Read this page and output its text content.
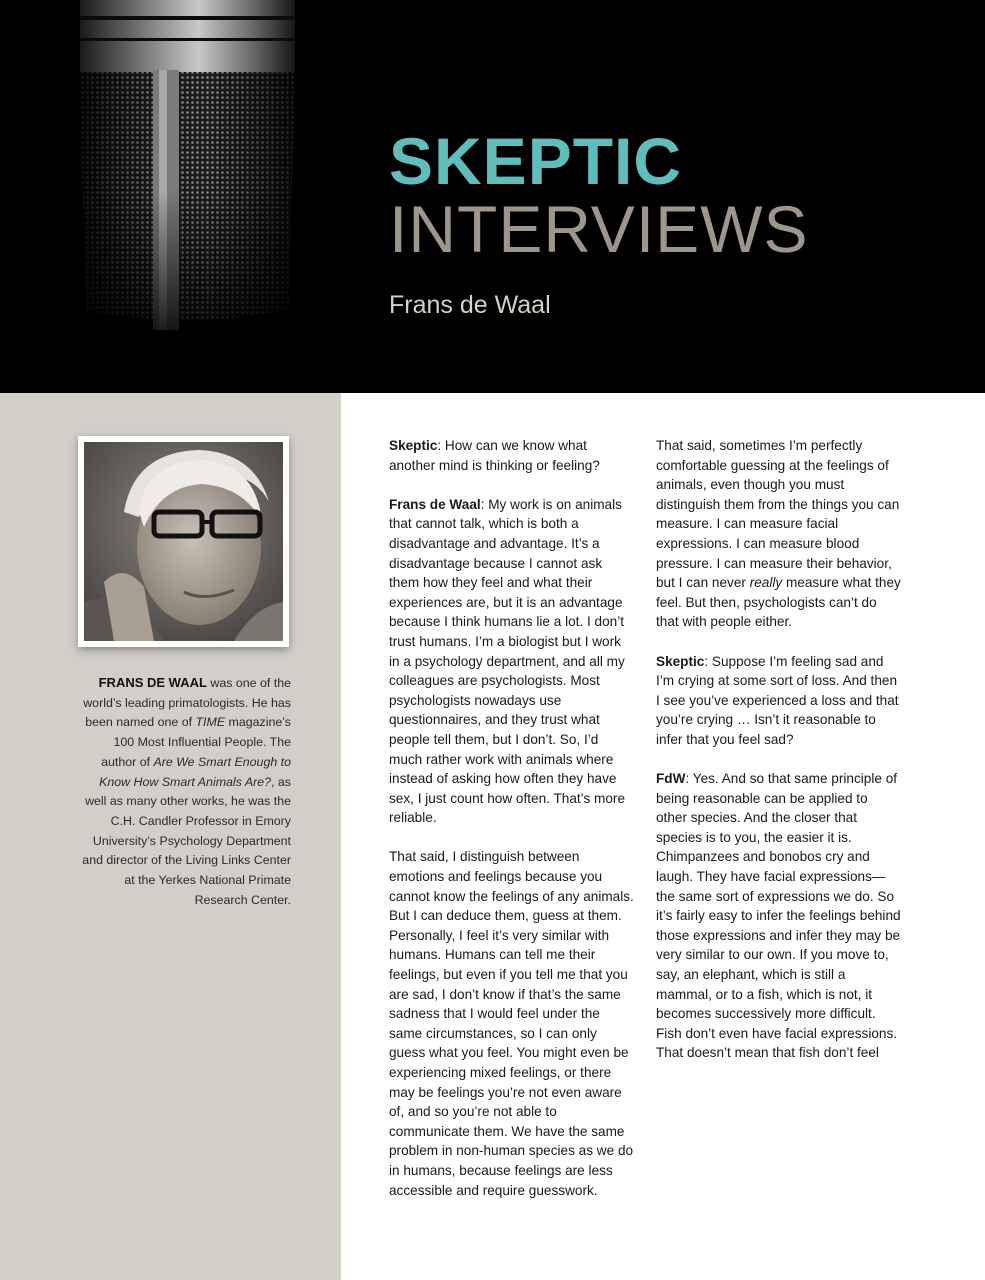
SKEPTIC
INTERVIEWS
Frans de Waal
FRANS DE WAAL was one of the world’s leading primatologists. He has been named one of TIME magazine’s 100 Most Influential People. The author of Are We Smart Enough to Know How Smart Animals Are?, as well as many other works, he was the C.H. Candler Professor in Emory University’s Psychology Department and director of the Living Links Center at the Yerkes National Primate Research Center.

Skeptic: How can we know what another mind is thinking or feeling?

Frans de Waal: My work is on animals that cannot talk, which is both a disadvantage and advantage. It’s a disadvantage because I cannot ask them how they feel and what their experiences are, but it is an advantage because I think humans lie a lot. I don’t trust humans. I’m a biologist but I work in a psychology department, and all my colleagues are psychologists. Most psychologists nowadays use questionnaires, and they trust what people tell them, but I don’t. So, I’d much rather work with animals where instead of asking how often they have sex, I just count how often. That’s more reliable.

That said, I distinguish between emotions and feelings because you cannot know the feelings of any animals. But I can deduce them, guess at them. Personally, I feel it’s very similar with humans. Humans can tell me their feelings, but even if you tell me that you are sad, I don’t know if that’s the same sadness that I would feel under the same circumstances, so I can only guess what you feel. You might even be experiencing mixed feelings, or there may be feelings you’re not even aware of, and so you’re not able to communicate them. We have the same problem in non-human species as we do in humans, because feelings are less accessible and require guesswork.

That said, sometimes I’m perfectly comfortable guessing at the feelings of animals, even though you must distinguish them from the things you can measure. I can measure facial expressions. I can measure blood pressure. I can measure their behavior, but I can never really measure what they feel. But then, psychologists can’t do that with people either.

Skeptic: Suppose I’m feeling sad and I’m crying at some sort of loss. And then I see you’ve experienced a loss and that you’re crying … Isn’t it reasonable to infer that you feel sad?

FdW: Yes. And so that same principle of being reasonable can be applied to other species. And the closer that species is to you, the easier it is. Chimpanzees and bonobos cry and laugh. They have facial expressions— the same sort of expressions we do. So it’s fairly easy to infer the feelings behind those expressions and infer they may be very similar to our own. If you move to, say, an elephant, which is still a mammal, or to a fish, which is not, it becomes successively more difficult. Fish don’t even have facial expressions. That doesn’t mean that fish don’t feel
